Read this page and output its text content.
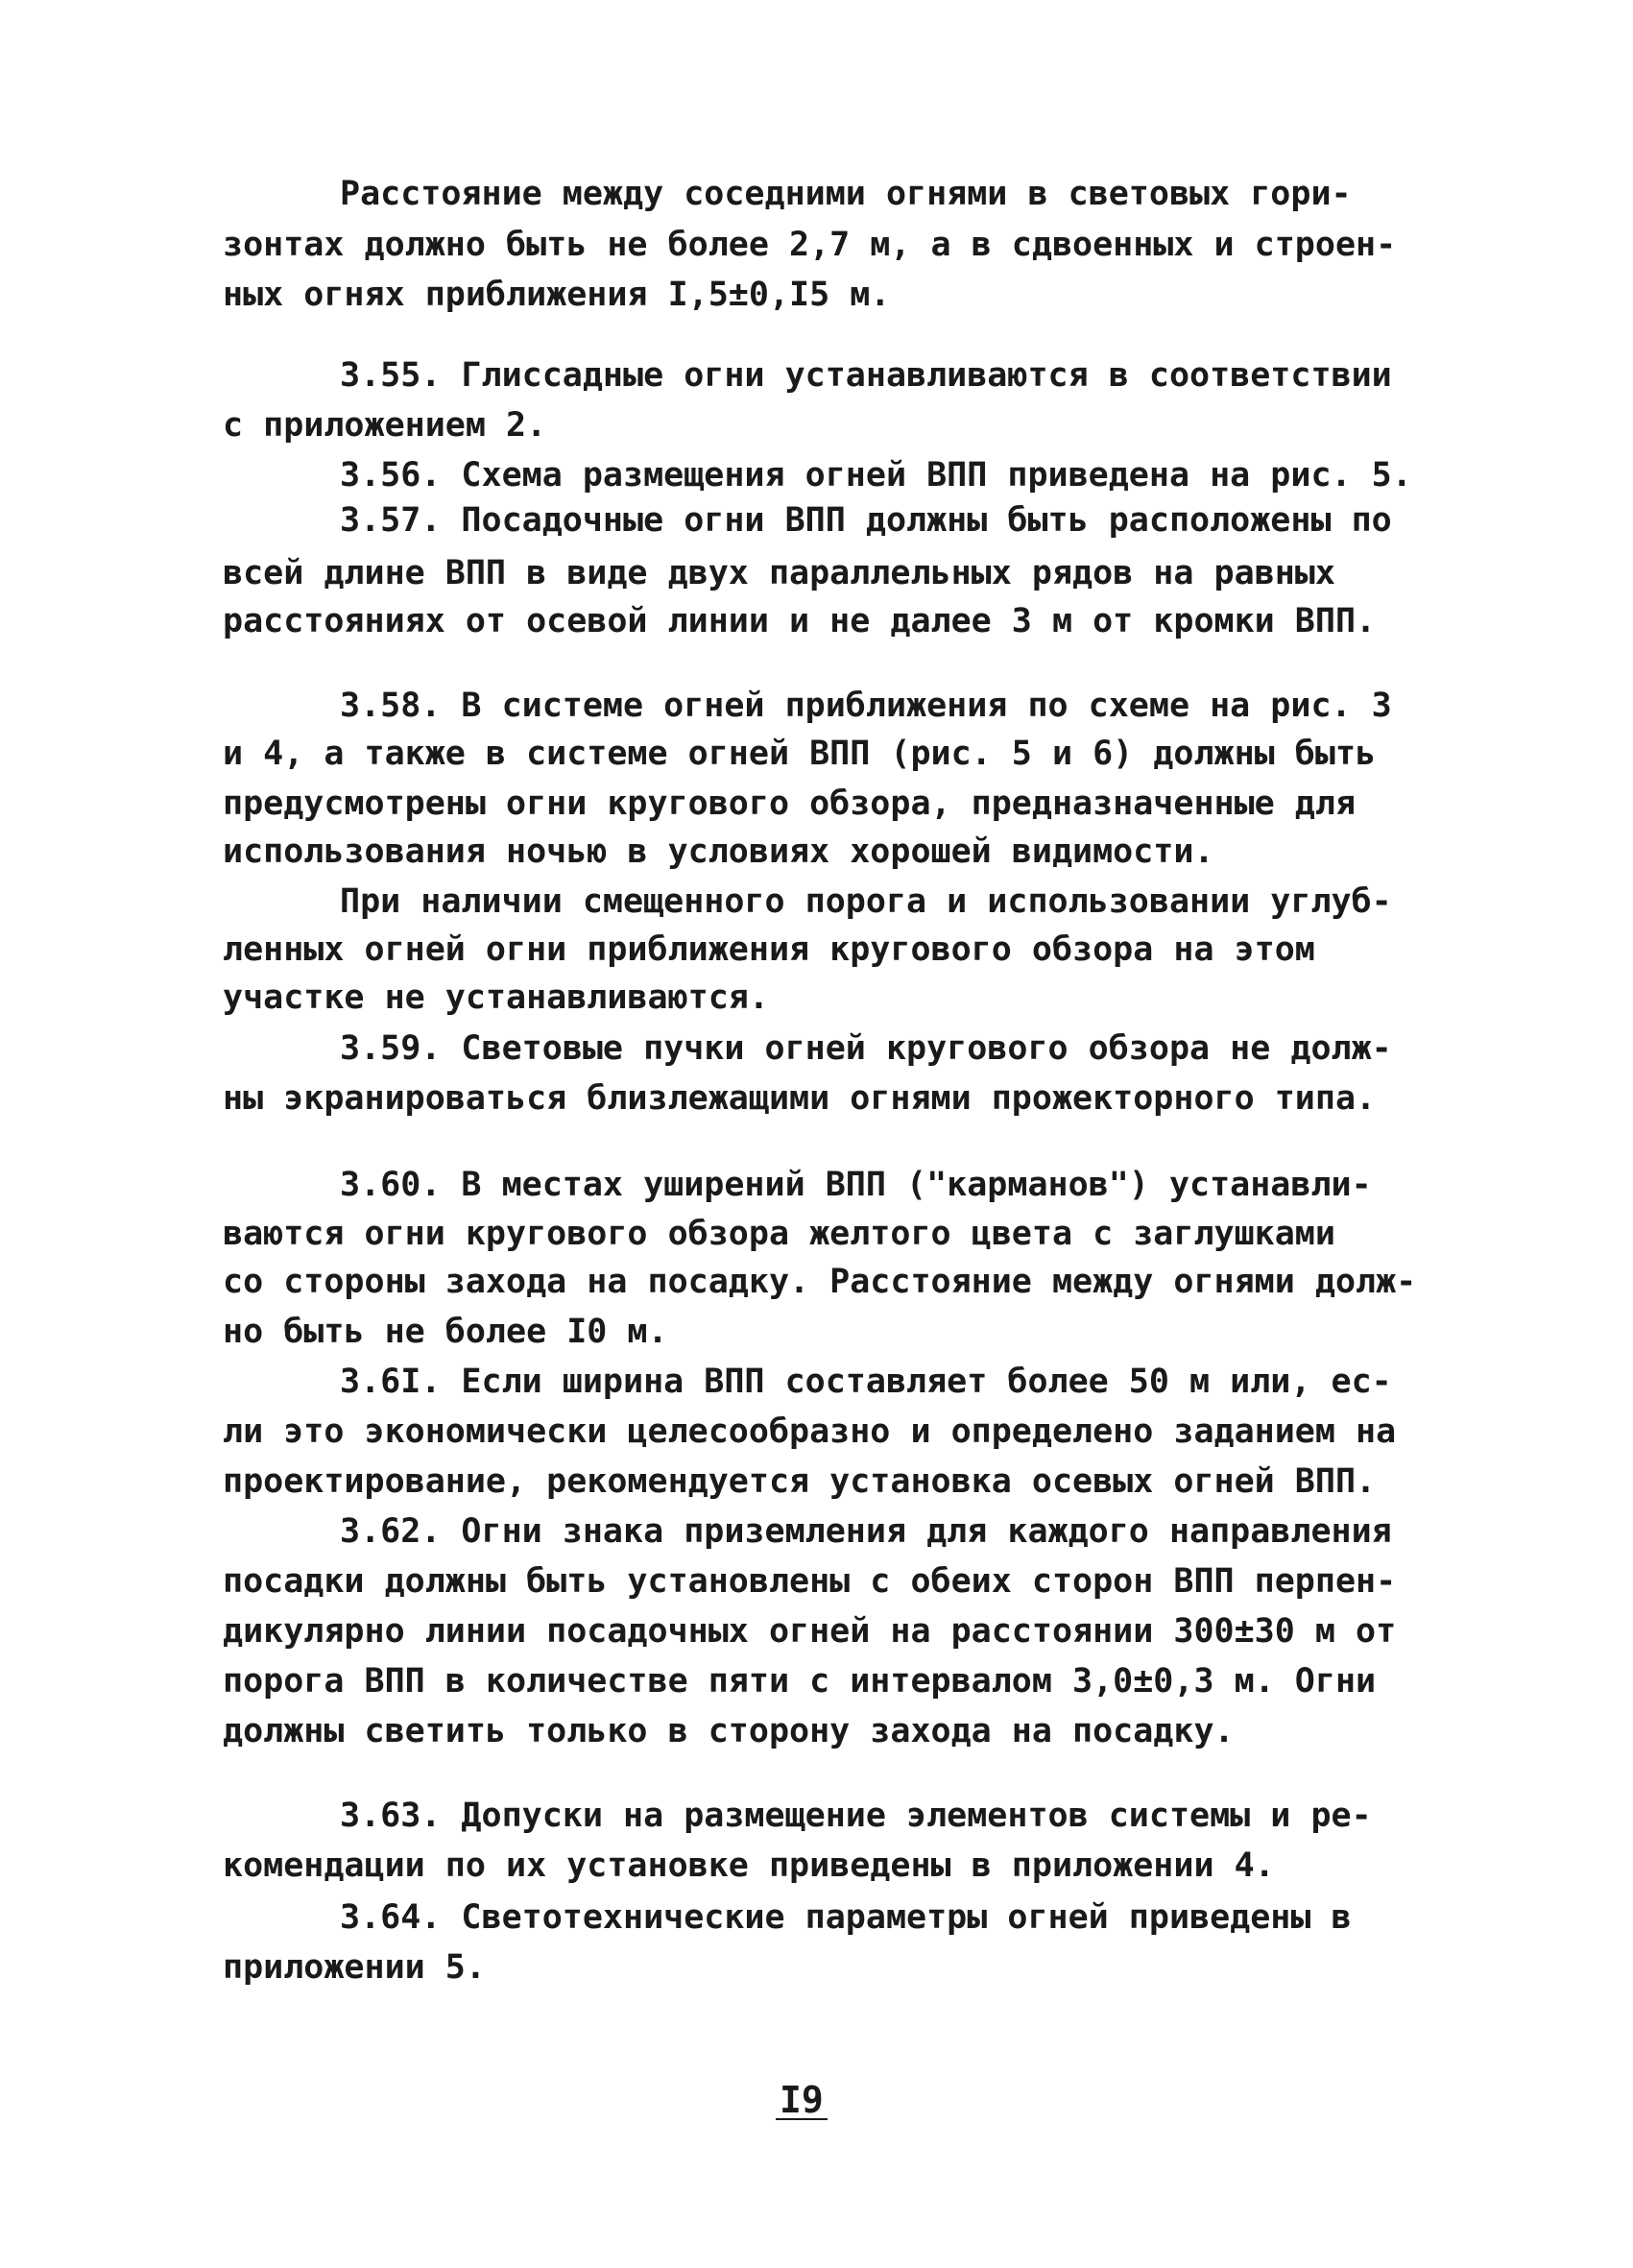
Расстояние между соседними огнями в световых гори-
зонтах должно быть не более 2,7 м, а в сдвоенных и строен-
ных огнях приближения I,5±0,I5 м.
3.55. Глиссадные огни устанавливаются в соответствии
с приложением 2.
3.56. Схема размещения огней ВПП приведена на рис. 5.
3.57. Посадочные огни ВПП должны быть расположены по
всей длине ВПП в виде двух параллельных рядов на равных
расстояниях от осевой линии и не далее 3 м от кромки ВПП.
3.58. В системе огней приближения по схеме на рис. 3
и 4, а также в системе огней ВПП (рис. 5 и 6) должны быть
предусмотрены огни кругового обзора, предназначенные для
использования ночью в условиях хорошей видимости.
При наличии смещенного порога и использовании углуб-
ленных огней огни приближения кругового обзора на этом
участке не устанавливаются.
3.59. Световые пучки огней кругового обзора не долж-
ны экранироваться близлежащими огнями прожекторного типа.
3.60. В местах уширений ВПП ("карманов") устанавли-
ваются огни кругового обзора желтого цвета с заглушками
со стороны захода на посадку. Расстояние между огнями долж-
но быть не более I0 м.
3.6I. Если ширина ВПП составляет более 50 м или, ес-
ли это экономически целесообразно и определено заданием на
проектирование, рекомендуется установка осевых огней ВПП.
3.62. Огни знака приземления для каждого направления
посадки должны быть установлены с обеих сторон ВПП перпен-
дикулярно линии посадочных огней на расстоянии 300±30 м от
порога ВПП в количестве пяти с интервалом 3,0±0,3 м. Огни
должны светить только в сторону захода на посадку.
3.63. Допуски на размещение элементов системы и ре-
комендации по их установке приведены в приложении 4.
3.64. Светотехнические параметры огней приведены в
приложении 5.
I9
